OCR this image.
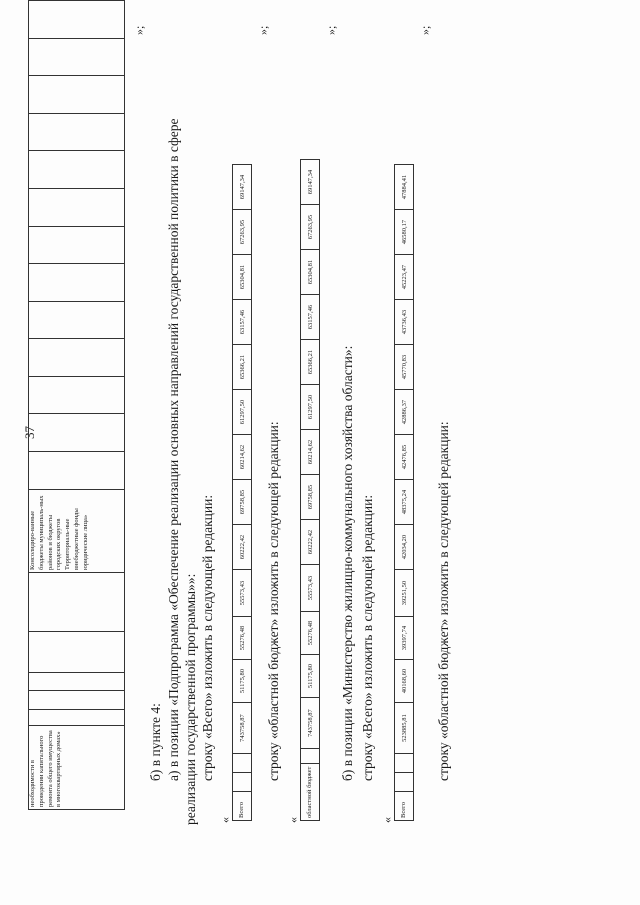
37
необходимости в проведении капитального ремонта общего имущества в многоквартирных домах»						Консолидиро-ванные бюджеты муниципаль-ных районов и бюджеты городских округов Территориаль-ные внебюджетные фонды юридические лица»													
»;
б) в пункте 4: а) в позиции «Подпрограмма «Обеспечение реализации основных направлений государственной политики в сфере реализации государственной программы»»: строку «Всего» изложить в следующей редакции:
«
Всего			743758,87	51175,80	55276,48	55573,43	60222,42	69758,85	60214,62	61297,50	65366,21	63157,46	65304,81	67263,95	69147,34
»;
строку «областной бюджет» изложить в следующей редакции:
«
областной бюджет		743758,87	51175,80	55276,48	55573,43	60222,42	69758,85	60214,62	61297,50	65366,21	63157,46	65304,81	67263,95	69147,34
»;
б) в позиции «Министерство жилищно-коммунального хозяйства области»: строку «Всего» изложить в следующей редакции:
«
Всего			523885,81	40168,60	39397,74	39251,50	42034,20	48375,24	42476,85	42886,37	45770,83	43736,43	45223,47	46580,17	47884,41
»;
строку «областной бюджет» изложить в следующей редакции:
